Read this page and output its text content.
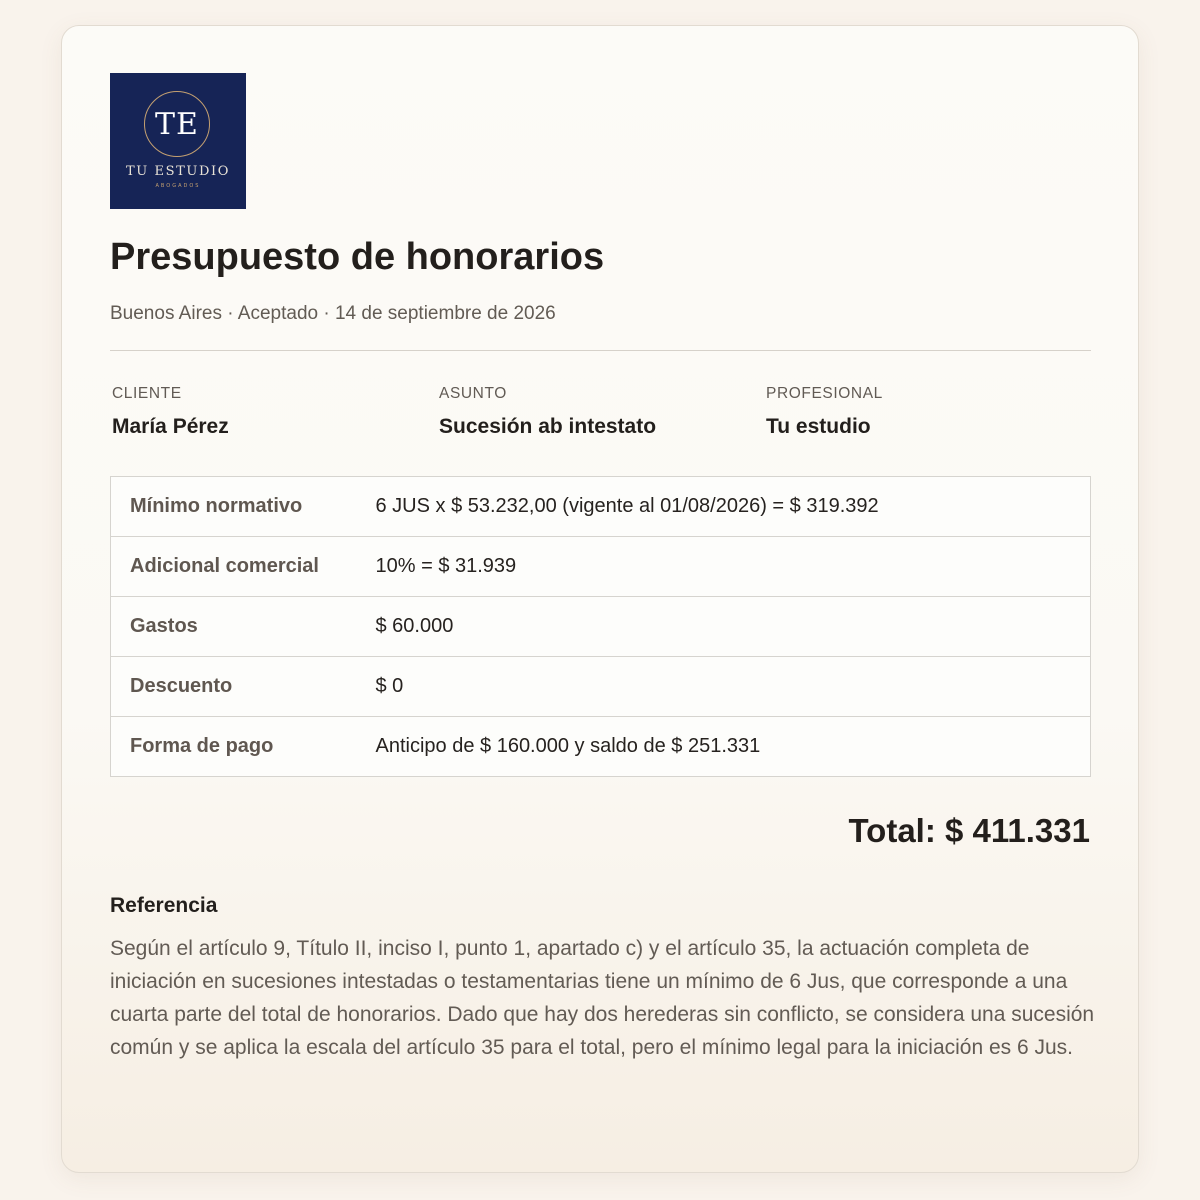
TE
TU ESTUDIO
ABOGADOS
Presupuesto de honorarios
Buenos Aires · Aceptado · 14 de septiembre de 2026
CLIENTE
María Pérez
ASUNTO
Sucesión ab intestato
PROFESIONAL
Tu estudio
Mínimo normativo	6 JUS x $ 53.232,00 (vigente al 01/08/2026) = $ 319.392
Adicional comercial	10% = $ 31.939
Gastos	$ 60.000
Descuento	$ 0
Forma de pago	Anticipo de $ 160.000 y saldo de $ 251.331
Total: $ 411.331
Referencia

Según el artículo 9, Título II, inciso I, punto 1, apartado c) y el artículo 35, la actuación completa de iniciación en sucesiones intestadas o testamentarias tiene un mínimo de 6 Jus, que corresponde a una cuarta parte del total de honorarios. Dado que hay dos herederas sin conflicto, se considera una sucesión común y se aplica la escala del artículo 35 para el total, pero el mínimo legal para la iniciación es 6 Jus.
